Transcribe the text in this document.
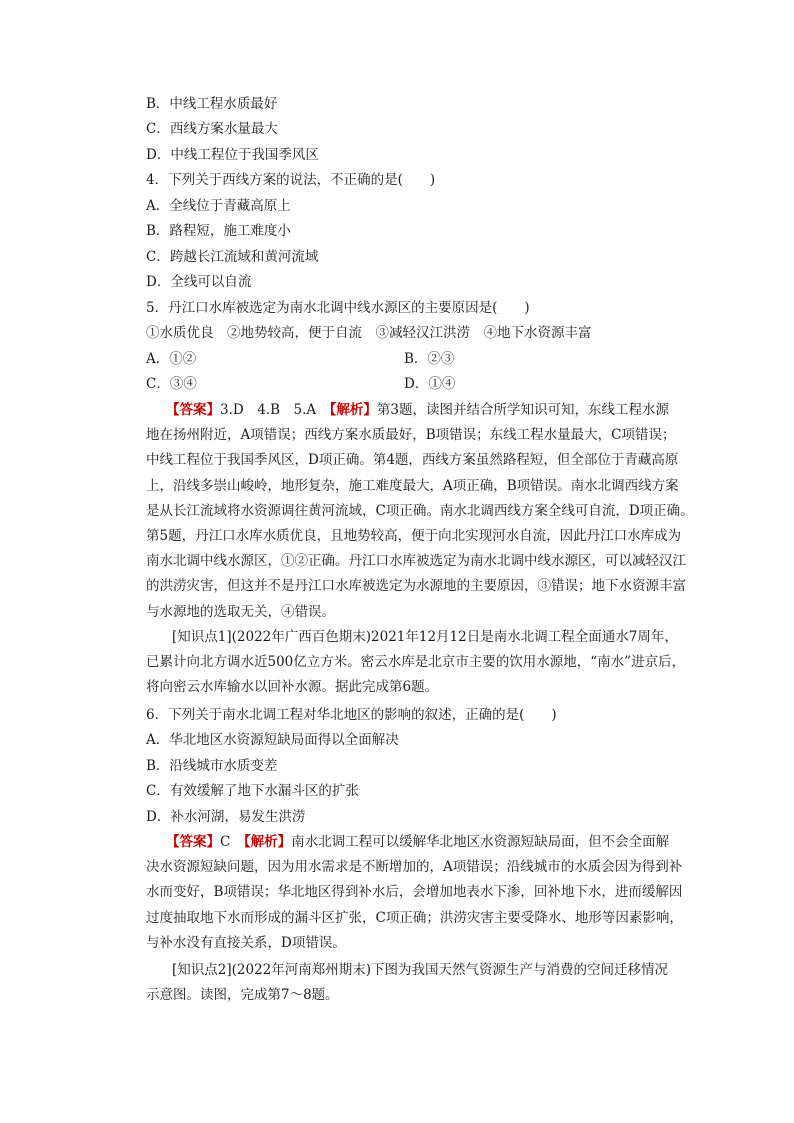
B．中线工程水质最好
C．西线方案水量最大
D．中线工程位于我国季风区
4．下列关于西线方案的说法，不正确的是(　　)
A．全线位于青藏高原上
B．路程短，施工难度小
C．跨越长江流域和黄河流域
D．全线可以自流
5．丹江口水库被选定为南水北调中线水源区的主要原因是(　　)
①水质优良　②地势较高，便于自流　③减轻汉江洪涝　④地下水资源丰富
A．①②	B．②③
C．③④	D．①④
【答案】3.D　4.B　5.A　【解析】第3题，读图并结合所学知识可知，东线工程水源
地在扬州附近，A项错误；西线方案水质最好，B项错误；东线工程水量最大，C项错误；
中线工程位于我国季风区，D项正确。第4题，西线方案虽然路程短，但全部位于青藏高原
上，沿线多崇山峻岭，地形复杂，施工难度最大，A项正确，B项错误。南水北调西线方案
是从长江流域将水资源调往黄河流域，C项正确。南水北调西线方案全线可自流，D项正确。
第5题，丹江口水库水质优良，且地势较高，便于向北实现河水自流，因此丹江口水库成为
南水北调中线水源区，①②正确。丹江口水库被选定为南水北调中线水源区，可以减轻汉江
的洪涝灾害，但这并不是丹江口水库被选定为水源地的主要原因，③错误；地下水资源丰富
与水源地的选取无关，④错误。
[知识点1](2022年广西百色期末)2021年12月12日是南水北调工程全面通水7周年，
已累计向北方调水近500亿立方米。密云水库是北京市主要的饮用水源地，“南水”进京后，
将向密云水库输水以回补水源。据此完成第6题。
6．下列关于南水北调工程对华北地区的影响的叙述，正确的是(　　)
A．华北地区水资源短缺局面得以全面解决
B．沿线城市水质变差
C．有效缓解了地下水漏斗区的扩张
D．补水河湖，易发生洪涝
【答案】C　【解析】南水北调工程可以缓解华北地区水资源短缺局面，但不会全面解
决水资源短缺问题，因为用水需求是不断增加的，A项错误；沿线城市的水质会因为得到补
水而变好，B项错误；华北地区得到补水后，会增加地表水下渗，回补地下水，进而缓解因
过度抽取地下水而形成的漏斗区扩张，C项正确；洪涝灾害主要受降水、地形等因素影响，
与补水没有直接关系，D项错误。
[知识点2](2022年河南郑州期末)下图为我国天然气资源生产与消费的空间迁移情况
示意图。读图，完成第7～8题。
